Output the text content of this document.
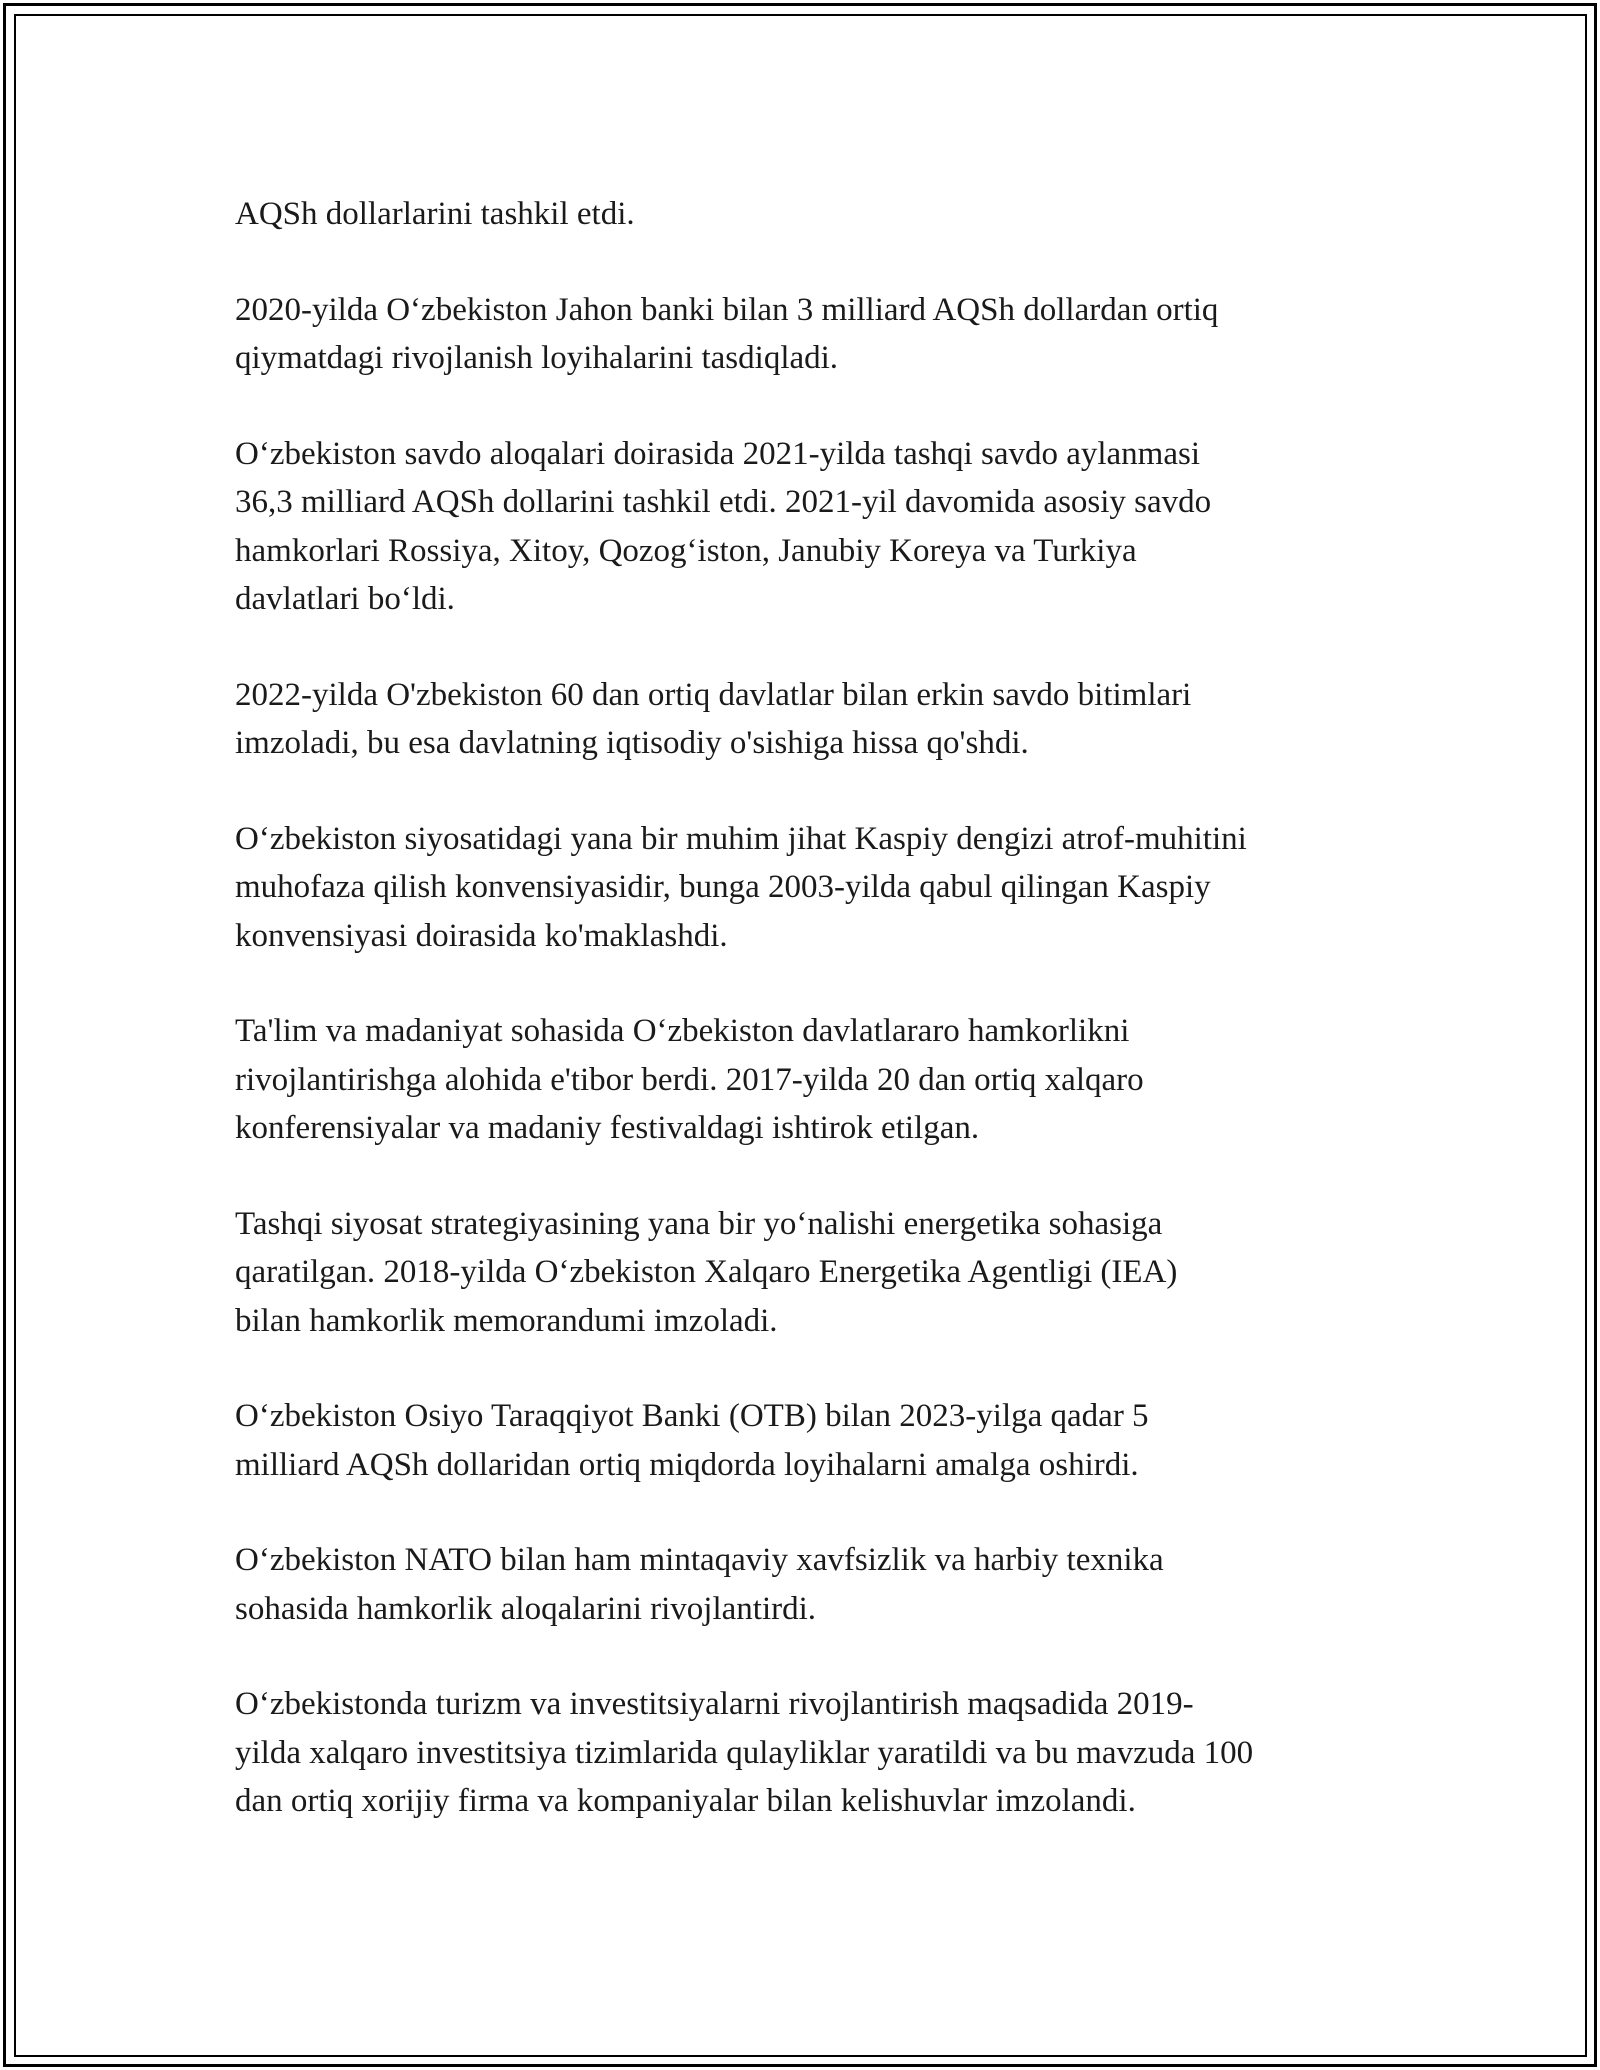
AQSh dollarlarini tashkil etdi.

2020-yilda O‘zbekiston Jahon banki bilan 3 milliard AQSh dollardan ortiq
qiymatdagi rivojlanish loyihalarini tasdiqladi.

O‘zbekiston savdo aloqalari doirasida 2021-yilda tashqi savdo aylanmasi
36,3 milliard AQSh dollarini tashkil etdi. 2021-yil davomida asosiy savdo
hamkorlari Rossiya, Xitoy, Qozog‘iston, Janubiy Koreya va Turkiya
davlatlari bo‘ldi.

2022-yilda O'zbekiston 60 dan ortiq davlatlar bilan erkin savdo bitimlari
imzoladi, bu esa davlatning iqtisodiy o'sishiga hissa qo'shdi.

O‘zbekiston siyosatidagi yana bir muhim jihat Kaspiy dengizi atrof-muhitini
muhofaza qilish konvensiyasidir, bunga 2003-yilda qabul qilingan Kaspiy
konvensiyasi doirasida ko'maklashdi.

Ta'lim va madaniyat sohasida O‘zbekiston davlatlararo hamkorlikni
rivojlantirishga alohida e'tibor berdi. 2017-yilda 20 dan ortiq xalqaro
konferensiyalar va madaniy festivaldagi ishtirok etilgan.

Tashqi siyosat strategiyasining yana bir yo‘nalishi energetika sohasiga
qaratilgan. 2018-yilda O‘zbekiston Xalqaro Energetika Agentligi (IEA)
bilan hamkorlik memorandumi imzoladi.

O‘zbekiston Osiyo Taraqqiyot Banki (OTB) bilan 2023-yilga qadar 5
milliard AQSh dollaridan ortiq miqdorda loyihalarni amalga oshirdi.

O‘zbekiston NATO bilan ham mintaqaviy xavfsizlik va harbiy texnika
sohasida hamkorlik aloqalarini rivojlantirdi.

O‘zbekistonda turizm va investitsiyalarni rivojlantirish maqsadida 2019-
yilda xalqaro investitsiya tizimlarida qulayliklar yaratildi va bu mavzuda 100
dan ortiq xorijiy firma va kompaniyalar bilan kelishuvlar imzolandi.
